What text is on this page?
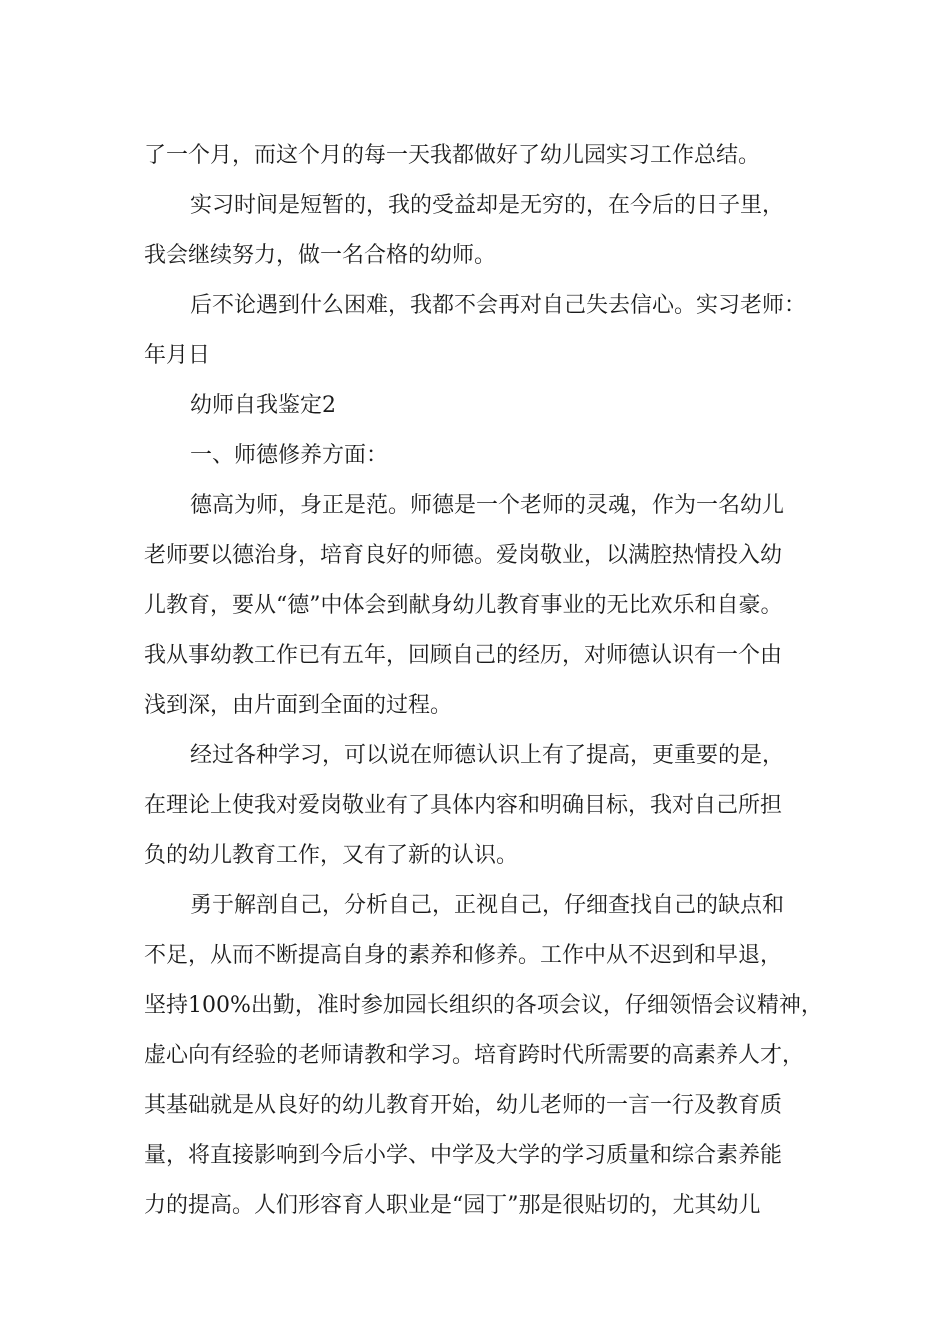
了一个月，而这个月的每一天我都做好了幼儿园实习工作总结。
实习时间是短暂的，我的受益却是无穷的，在今后的日子里，
我会继续努力，做一名合格的幼师。
后不论遇到什么困难，我都不会再对自己失去信心。实习老师：
年月日
幼师自我鉴定2
一、师德修养方面：
德高为师，身正是范。师德是一个老师的灵魂，作为一名幼儿
老师要以德治身，培育良好的师德。爱岗敬业，以满腔热情投入幼
儿教育，要从“德”中体会到献身幼儿教育事业的无比欢乐和自豪。
我从事幼教工作已有五年，回顾自己的经历，对师德认识有一个由
浅到深，由片面到全面的过程。
经过各种学习，可以说在师德认识上有了提高，更重要的是，
在理论上使我对爱岗敬业有了具体内容和明确目标，我对自己所担
负的幼儿教育工作，又有了新的认识。
勇于解剖自己，分析自己，正视自己，仔细查找自己的缺点和
不足，从而不断提高自身的素养和修养。工作中从不迟到和早退，
坚持100%出勤，准时参加园长组织的各项会议，仔细领悟会议精神，
虚心向有经验的老师请教和学习。培育跨时代所需要的高素养人才，
其基础就是从良好的幼儿教育开始，幼儿老师的一言一行及教育质
量，将直接影响到今后小学、中学及大学的学习质量和综合素养能
力的提高。人们形容育人职业是“园丁”那是很贴切的，尤其幼儿
